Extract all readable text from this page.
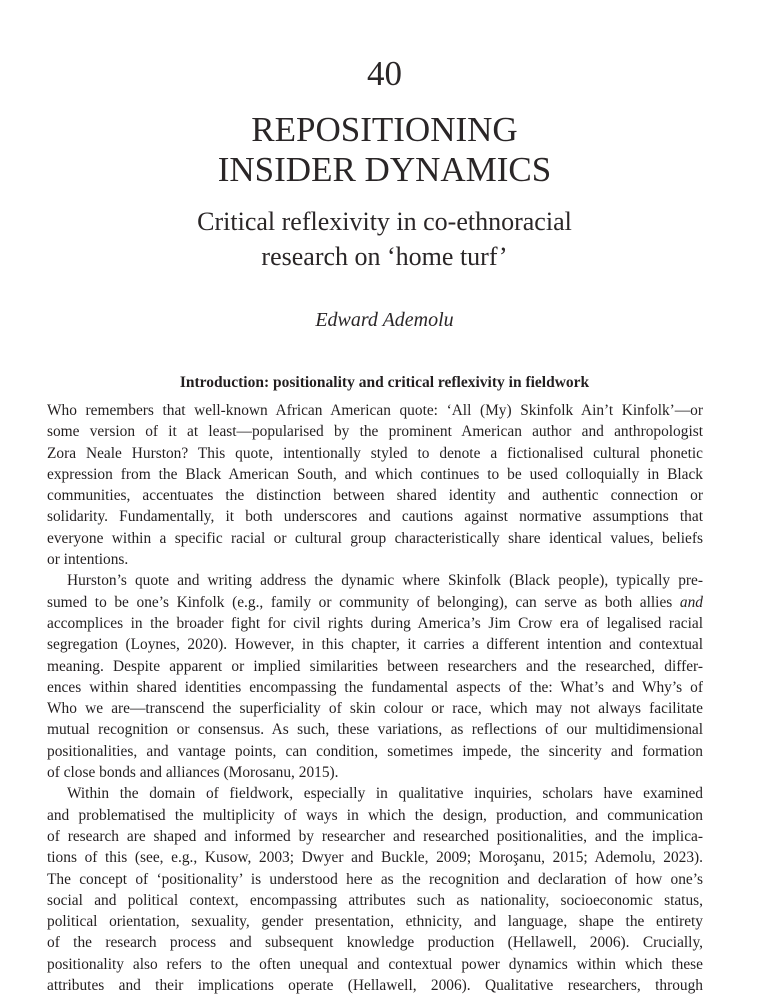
40
REPOSITIONING
INSIDER DYNAMICS
Critical reflexivity in co-ethnoracial
research on ‘home turf’
Edward Ademolu
Introduction: positionality and critical reflexivity in fieldwork

Who remembers that well-known African American quote: ‘All (My) Skinfolk Ain’t Kinfolk’—or
some version of it at least—popularised by the prominent American author and anthropologist
Zora Neale Hurston? This quote, intentionally styled to denote a fictionalised cultural phonetic
expression from the Black American South, and which continues to be used colloquially in Black
communities, accentuates the distinction between shared identity and authentic connection or
solidarity. Fundamentally, it both underscores and cautions against normative assumptions that
everyone within a specific racial or cultural group characteristically share identical values, beliefs
or intentions.

Hurston’s quote and writing address the dynamic where Skinfolk (Black people), typically pre-
sumed to be one’s Kinfolk (e.g., family or community of belonging), can serve as both allies and
accomplices in the broader fight for civil rights during America’s Jim Crow era of legalised racial
segregation (Loynes, 2020). However, in this chapter, it carries a different intention and contextual
meaning. Despite apparent or implied similarities between researchers and the researched, differ-
ences within shared identities encompassing the fundamental aspects of the: What’s and Why’s of
Who we are—transcend the superficiality of skin colour or race, which may not always facilitate
mutual recognition or consensus. As such, these variations, as reflections of our multidimensional
positionalities, and vantage points, can condition, sometimes impede, the sincerity and formation
of close bonds and alliances (Morosanu, 2015).

Within the domain of fieldwork, especially in qualitative inquiries, scholars have examined
and problematised the multiplicity of ways in which the design, production, and communication
of research are shaped and informed by researcher and researched positionalities, and the implica-
tions of this (see, e.g., Kusow, 2003; Dwyer and Buckle, 2009; Moroşanu, 2015; Ademolu, 2023).
The concept of ‘positionality’ is understood here as the recognition and declaration of how one’s
social and political context, encompassing attributes such as nationality, socioeconomic status,
political orientation, sexuality, gender presentation, ethnicity, and language, shape the entirety
of the research process and subsequent knowledge production (Hellawell, 2006). Crucially,
positionality also refers to the often unequal and contextual power dynamics within which these
attributes and their implications operate (Hellawell, 2006). Qualitative researchers, through
